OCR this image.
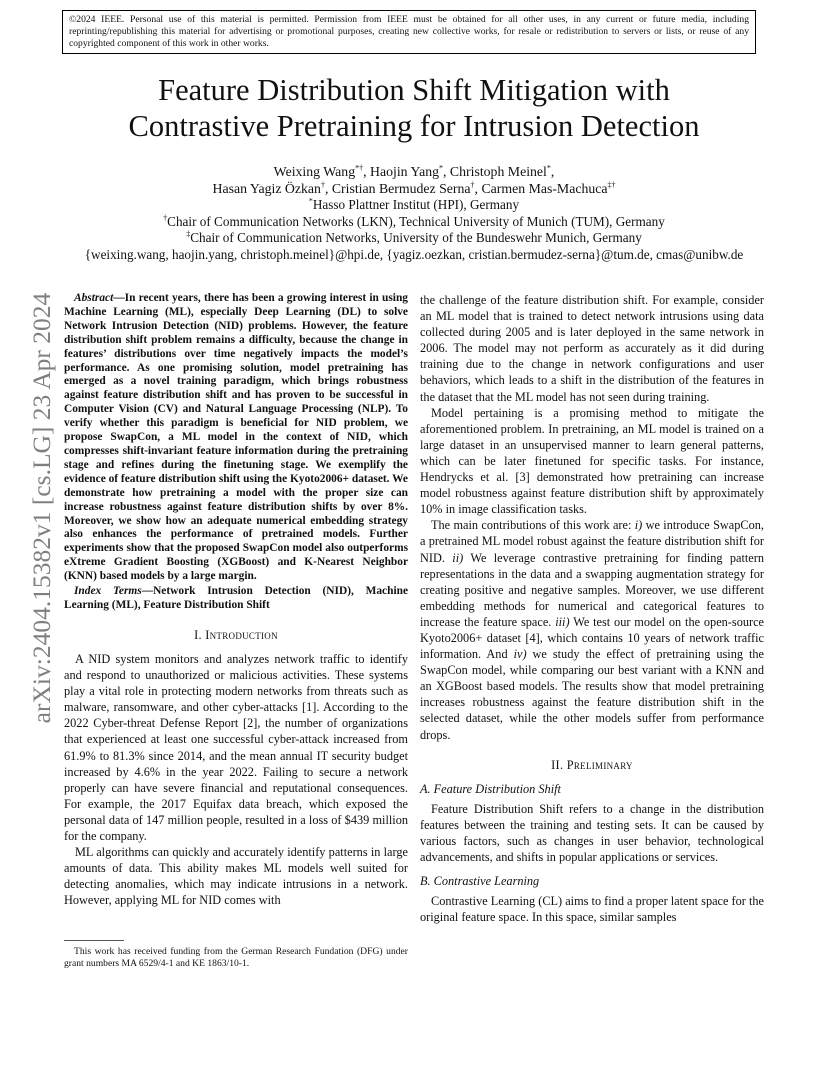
©2024 IEEE. Personal use of this material is permitted. Permission from IEEE must be obtained for all other uses, in any current or future media, including reprinting/republishing this material for advertising or promotional purposes, creating new collective works, for resale or redistribution to servers or lists, or reuse of any copyrighted component of this work in other works.
Feature Distribution Shift Mitigation with
Contrastive Pretraining for Intrusion Detection
Weixing Wang*†, Haojin Yang*, Christoph Meinel*,
Hasan Yagiz Özkan†, Cristian Bermudez Serna†, Carmen Mas-Machuca‡†
*Hasso Plattner Institut (HPI), Germany
†Chair of Communication Networks (LKN), Technical University of Munich (TUM), Germany
‡Chair of Communication Networks, University of the Bundeswehr Munich, Germany
{weixing.wang, haojin.yang, christoph.meinel}@hpi.de, {yagiz.oezkan, cristian.bermudez-serna}@tum.de, cmas@unibw.de
arXiv:2404.15382v1 [cs.LG] 23 Apr 2024	Abstract—In recent years, there has been a growing interest in using Machine Learning (ML), especially Deep Learning (DL) to solve Network Intrusion Detection (NID) problems. However, the feature distribution shift problem remains a difficulty, because the change in features’ distributions over time negatively impacts the model’s performance. As one promising solution, model pretraining has emerged as a novel training paradigm, which brings robustness against feature distribution shift and has proven to be successful in Computer Vision (CV) and Natural Language Processing (NLP). To verify whether this paradigm is beneficial for NID problem, we propose SwapCon, a ML model in the context of NID, which compresses shift-invariant feature information during the pretraining stage and refines during the finetuning stage. We exemplify the evidence of feature distribution shift using the Kyoto2006+ dataset. We demonstrate how pretraining a model with the proper size can increase robustness against feature distribution shifts by over 8%. Moreover, we show how an adequate numerical embedding strategy also enhances the performance of pretrained models. Further experiments show that the proposed SwapCon model also outperforms eXtreme Gradient Boosting (XGBoost) and K-Nearest Neighbor (KNN) based models by a large margin.

Index Terms—Network Intrusion Detection (NID), Machine Learning (ML), Feature Distribution Shift

I. Introduction

A NID system monitors and analyzes network traffic to identify and respond to unauthorized or malicious activities. These systems play a vital role in protecting modern networks from threats such as malware, ransomware, and other cyber-attacks [1]. According to the 2022 Cyber-threat Defense Report [2], the number of organizations that experienced at least one successful cyber-attack increased from 61.9% to 81.3% since 2014, and the mean annual IT security budget increased by 4.6% in the year 2022. Failing to secure a network properly can have severe financial and reputational consequences. For example, the 2017 Equifax data breach, which exposed the personal data of 147 million people, resulted in a loss of $439 million for the company.

ML algorithms can quickly and accurately identify patterns in large amounts of data. This ability makes ML models well suited for detecting anomalies, which may indicate intrusions in a network. However, applying ML for NID comes with

This work has received funding from the German Research Fundation (DFG) under grant numbers MA 6529/4-1 and KE 1863/10-1.

the challenge of the feature distribution shift. For example, consider an ML model that is trained to detect network intrusions using data collected during 2005 and is later deployed in the same network in 2006. The model may not perform as accurately as it did during training due to the change in network configurations and user behaviors, which leads to a shift in the distribution of the features in the dataset that the ML model has not seen during training.

Model pertaining is a promising method to mitigate the aforementioned problem. In pretraining, an ML model is trained on a large dataset in an unsupervised manner to learn general patterns, which can be later finetuned for specific tasks. For instance, Hendrycks et al. [3] demonstrated how pretraining can increase model robustness against feature distribution shift by approximately 10% in image classification tasks.

The main contributions of this work are: i) we introduce SwapCon, a pretrained ML model robust against the feature distribution shift for NID. ii) We leverage contrastive pretraining for finding pattern representations in the data and a swapping augmentation strategy for creating positive and negative samples. Moreover, we use different embedding methods for numerical and categorical features to increase the feature space. iii) We test our model on the open-source Kyoto2006+ dataset [4], which contains 10 years of network traffic information. And iv) we study the effect of pretraining using the SwapCon model, while comparing our best variant with a KNN and an XGBoost based models. The results show that model pretraining increases robustness against the feature distribution shift in the selected dataset, while the other models suffer from performance drops.

II. Preliminary
A. Feature Distribution Shift

Feature Distribution Shift refers to a change in the distribution features between the training and testing sets. It can be caused by various factors, such as changes in user behavior, technological advancements, and shifts in popular applications or services.

B. Contrastive Learning

Contrastive Learning (CL) aims to find a proper latent space for the original feature space. In this space, similar samples
